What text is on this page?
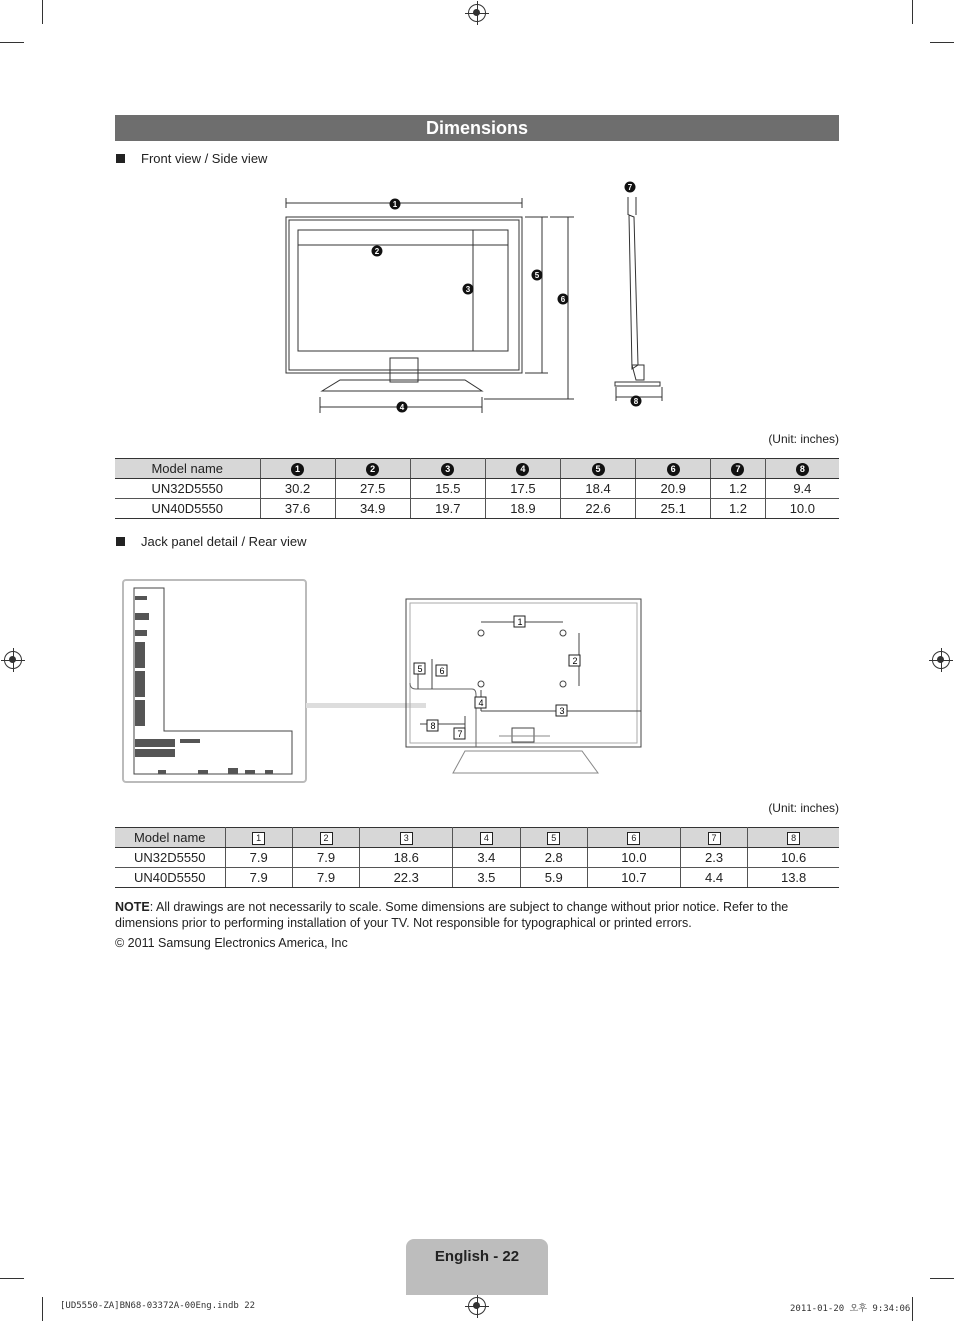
Dimensions
Front view / Side view
1
2
3
4
5
6
7
8
(Unit: inches)
Model name	1	2	3	4	5	6	7	8
UN32D5550	30.2	27.5	15.5	17.5	18.4	20.9	1.2	9.4
UN40D5550	37.6	34.9	19.7	18.9	22.6	25.1	1.2	10.0
Jack panel detail / Rear view
1
2
3
4
5 6
7
8
(Unit: inches)
Model name	1	2	3	4	5	6	7	8
UN32D5550	7.9	7.9	18.6	3.4	2.8	10.0	2.3	10.6
UN40D5550	7.9	7.9	22.3	3.5	5.9	10.7	4.4	13.8
NOTE: All drawings are not necessarily to scale. Some dimensions are subject to change without prior notice. Refer to the dimensions prior to performing installation of your TV. Not responsible for typographical or printed errors.
© 2011 Samsung Electronics America, Inc
English - 22
[UD5550-ZA]BN68-03372A-00Eng.indb 22	2011-01-20 오후 9:34:06
